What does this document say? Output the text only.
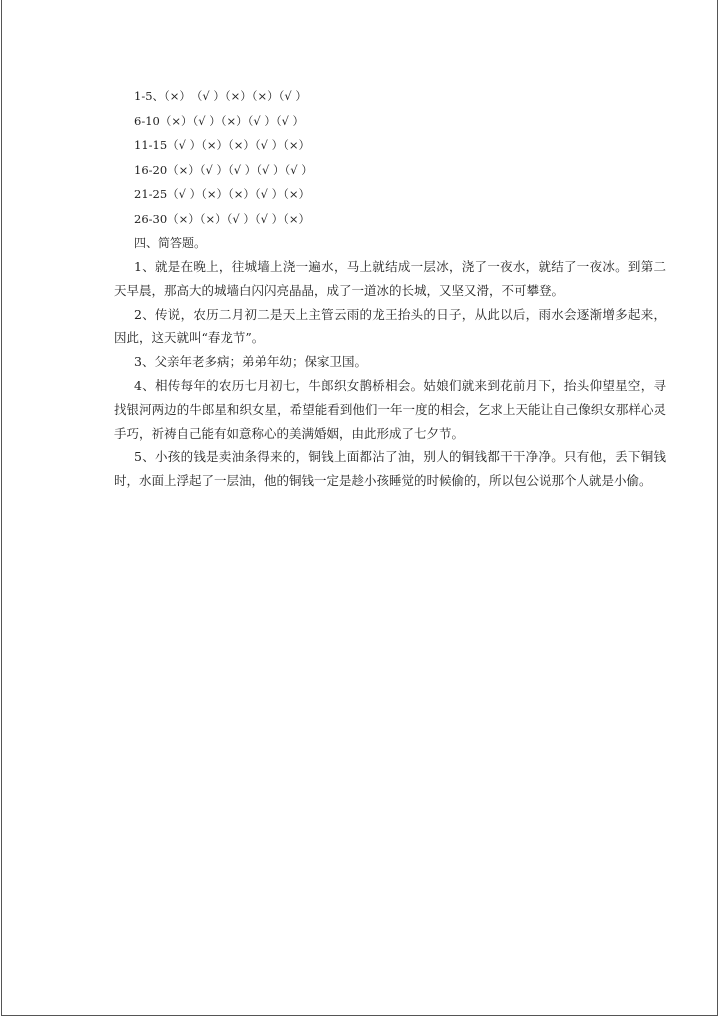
1-5、（×）　（√ ）（×）（×）（√ ）
6-10（×）（√ ）（×）（√ ）（√ ）
11-15（√ ）（×）（×）（√ ）（×）
16-20（×）（√ ）（√ ）（√ ）（√ ）
21-25（√ ）（×）（×）（√ ）（×）
26-30（×）（×）（√ ）（√ ）（×）
四、简答题。

1、就是在晚上，往城墙上浇一遍水，马上就结成一层冰，浇了一夜水，就结了一夜冰。到第二天早晨，那高大的城墙白闪闪亮晶晶，成了一道冰的长城，又坚又滑，不可攀登。

2、传说，农历二月初二是天上主管云雨的龙王抬头的日子，从此以后，雨水会逐渐增多起来，因此，这天就叫“春龙节”。

3、父亲年老多病；弟弟年幼；保家卫国。

4、相传每年的农历七月初七，牛郎织女鹊桥相会。姑娘们就来到花前月下，抬头仰望星空，寻找银河两边的牛郎星和织女星，希望能看到他们一年一度的相会，乞求上天能让自己像织女那样心灵手巧，祈祷自己能有如意称心的美满婚姻，由此形成了七夕节。

5、小孩的钱是卖油条得来的，铜钱上面都沾了油，别人的铜钱都干干净净。只有他，丢下铜钱时，水面上浮起了一层油，他的铜钱一定是趁小孩睡觉的时候偷的，所以包公说那个人就是小偷。
